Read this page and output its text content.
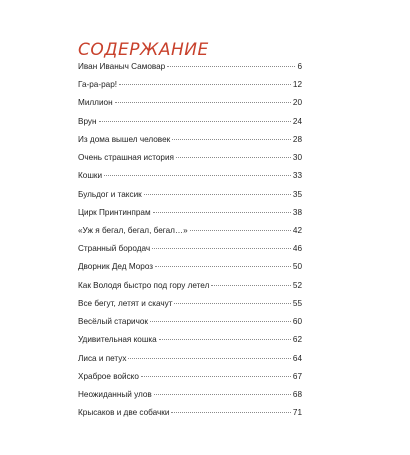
СОДЕРЖАНИЕ
Иван Иваныч Самовар	6
Га-ра-рар!	12
Миллион	20
Врун	24
Из дома вышел человек	28
Очень страшная история	30
Кошки	33
Бульдог и таксик	35
Цирк Принтинпрам	38
«Уж я бегал, бегал, бегал…»	42
Странный бородач	46
Дворник Дед Мороз	50
Как Володя быстро под гору летел	52
Все бегут, летят и скачут	55
Весёлый старичок	60
Удивительная кошка	62
Лиса и петух	64
Храброе войско	67
Неожиданный улов	68
Крысаков и две собачки	71
